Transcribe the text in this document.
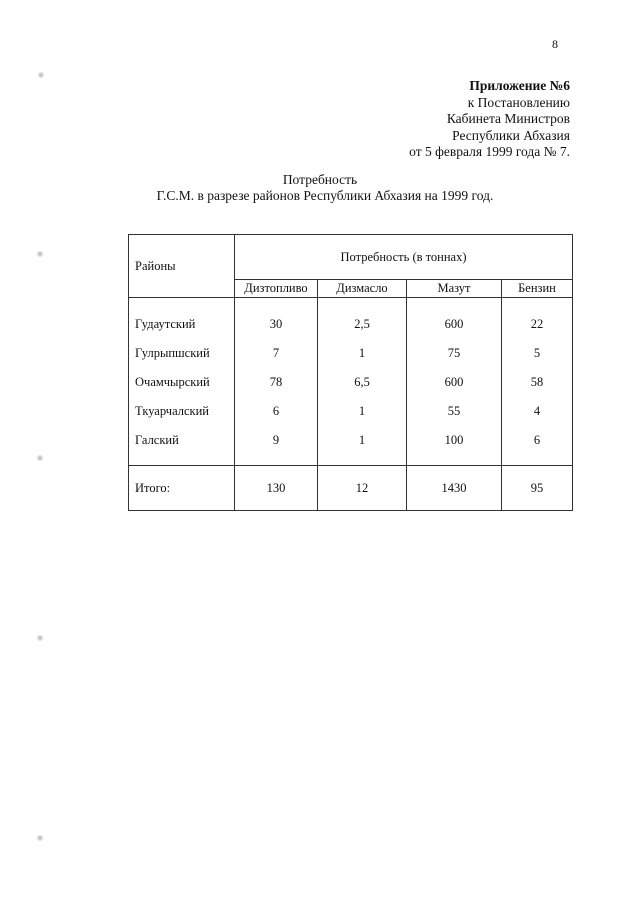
8
Приложение №6
к Постановлению
Кабинета Министров
Республики Абхазия
от 5 февраля 1999 года № 7.
Потребность
Г.С.М. в разрезе районов Республики Абхазия на 1999 год.
Районы	Потребность (в тоннах)			
	Дизтопливо	Дизмасло	Мазут	Бензин
Гудаутский	30	2,5	600	22
Гулрыпшский	7	1	75	5
Очамчырский	78	6,5	600	58
Ткуарчалский	6	1	55	4
Галский	9	1	100	6
Итого:	130	12	1430	95
